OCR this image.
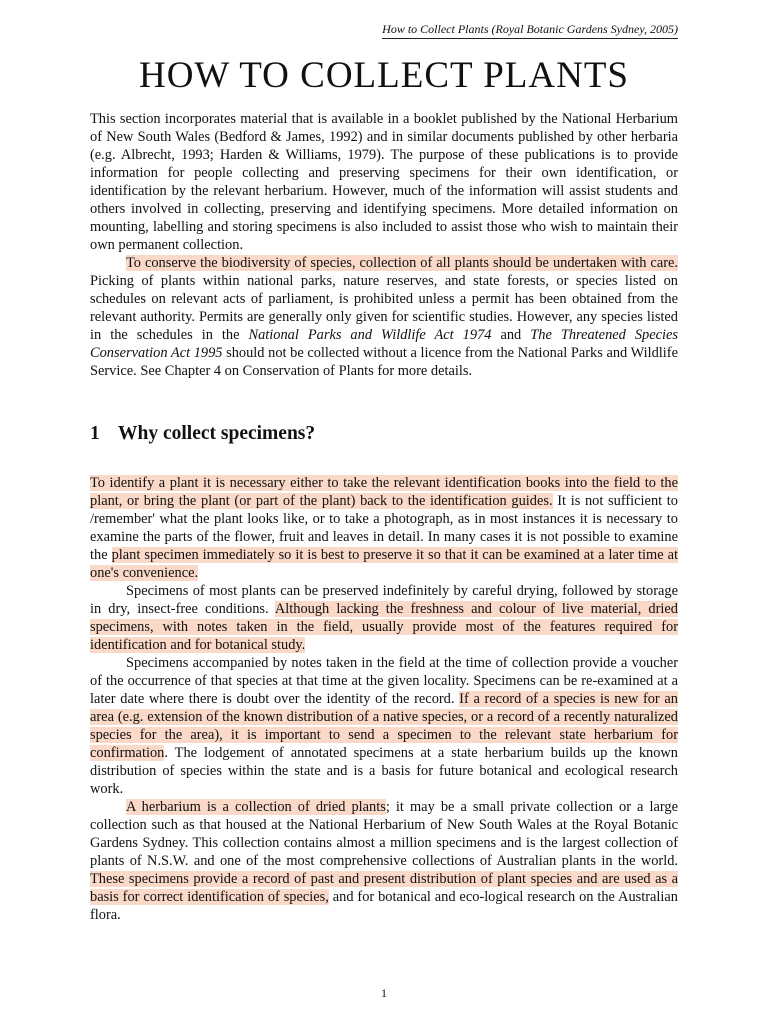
How to Collect Plants (Royal Botanic Gardens Sydney, 2005)
HOW TO COLLECT PLANTS

This section incorporates material that is available in a booklet published by the National Herbarium of New South Wales (Bedford & James, 1992) and in similar documents published by other herbaria (e.g. Albrecht, 1993; Harden & Williams, 1979). The purpose of these publications is to provide information for people collecting and preserving specimens for their own identification, or identification by the relevant herbarium. However, much of the information will assist students and others involved in collecting, preserving and identifying specimens. More detailed information on mounting, labelling and storing specimens is also included to assist those who wish to maintain their own permanent collection.

To conserve the biodiversity of species, collection of all plants should be undertaken with care. Picking of plants within national parks, nature reserves, and state forests, or species listed on schedules on relevant acts of parliament, is prohibited unless a permit has been obtained from the relevant authority. Permits are generally only given for scientific studies. However, any species listed in the schedules in the National Parks and Wildlife Act 1974 and The Threatened Species Conservation Act 1995 should not be collected without a licence from the National Parks and Wildlife Service. See Chapter 4 on Conservation of Plants for more details.

1 Why collect specimens?

To identify a plant it is necessary either to take the relevant identification books into the field to the plant, or bring the plant (or part of the plant) back to the identification guides. It is not sufficient to /remember' what the plant looks like, or to take a photograph, as in most instances it is necessary to examine the parts of the flower, fruit and leaves in detail. In many cases it is not possible to examine the plant specimen immediately so it is best to preserve it so that it can be examined at a later time at one's convenience.

Specimens of most plants can be preserved indefinitely by careful drying, followed by storage in dry, insect-free conditions. Although lacking the freshness and colour of live material, dried specimens, with notes taken in the field, usually provide most of the features required for identification and for botanical study.

Specimens accompanied by notes taken in the field at the time of collection provide a voucher of the occurrence of that species at that time at the given locality. Specimens can be re-examined at a later date where there is doubt over the identity of the record. If a record of a species is new for an area (e.g. extension of the known distribution of a native species, or a record of a recently naturalized species for the area), it is important to send a specimen to the relevant state herbarium for confirmation. The lodgement of annotated specimens at a state herbarium builds up the known distribution of species within the state and is a basis for future botanical and ecological research work.

A herbarium is a collection of dried plants; it may be a small private collection or a large collection such as that housed at the National Herbarium of New South Wales at the Royal Botanic Gardens Sydney. This collection contains almost a million specimens and is the largest collection of plants of N.S.W. and one of the most comprehensive collections of Australian plants in the world. These specimens provide a record of past and present distribution of plant species and are used as a basis for correct identification of species, and for botanical and eco-logical research on the Australian flora.

1
